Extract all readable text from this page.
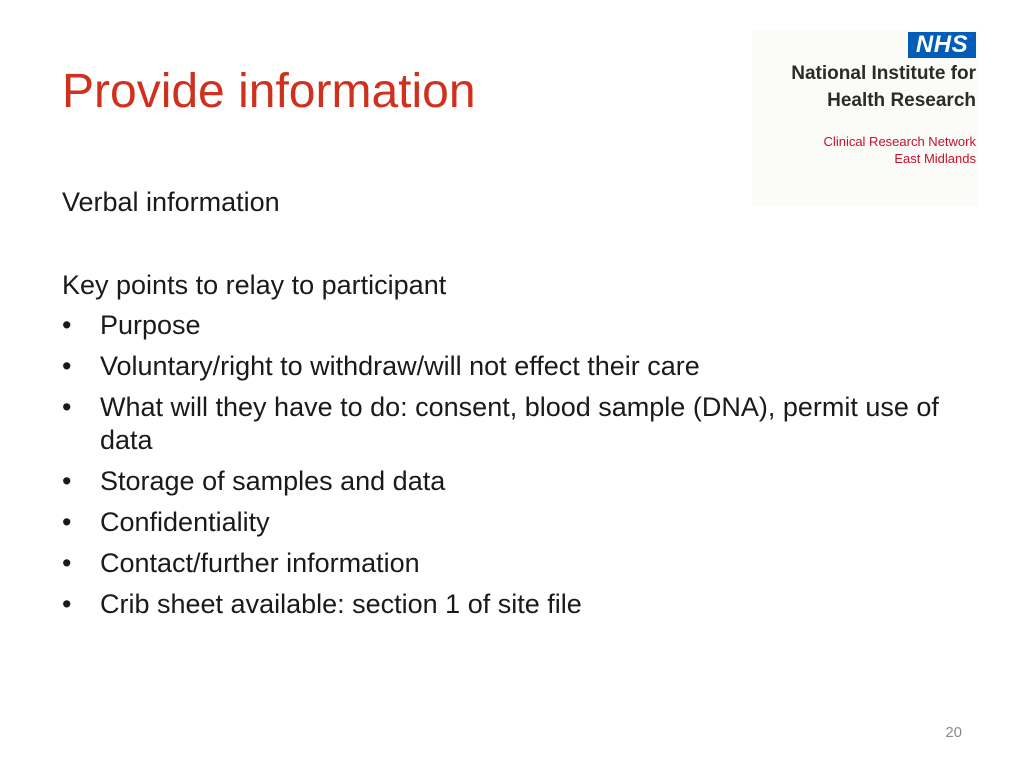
Provide information
NHS
National Institute for
Health Research
Clinical Research Network
East Midlands
Verbal information
Key points to relay to participant
• Purpose
• Voluntary/right to withdraw/will not effect their care
• What will they have to do: consent, blood sample (DNA), permit use of data
• Storage of samples and data
• Confidentiality
• Contact/further information
• Crib sheet available: section 1 of site file
20
